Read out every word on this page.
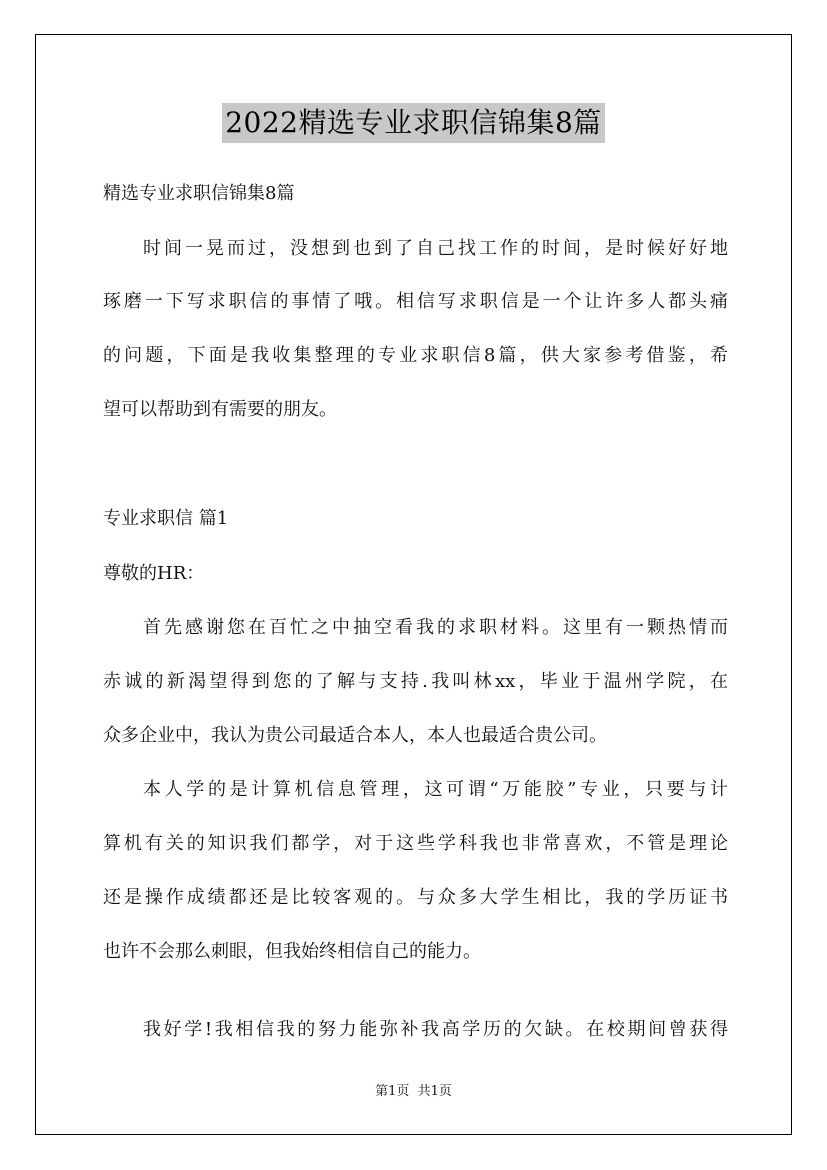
2022精选专业求职信锦集8篇
精选专业求职信锦集8篇
时间一晃而过，没想到也到了自己找工作的时间，是时候好好地
琢磨一下写求职信的事情了哦。相信写求职信是一个让许多人都头痛
的问题，下面是我收集整理的专业求职信8篇，供大家参考借鉴，希
望可以帮助到有需要的朋友。
专业求职信 篇1
尊敬的HR：
首先感谢您在百忙之中抽空看我的求职材料。这里有一颗热情而
赤诚的新渴望得到您的了解与支持.我叫林xx，毕业于温州学院，在
众多企业中，我认为贵公司最适合本人，本人也最适合贵公司。
本人学的是计算机信息管理，这可谓“万能胶”专业，只要与计
算机有关的知识我们都学，对于这些学科我也非常喜欢，不管是理论
还是操作成绩都还是比较客观的。与众多大学生相比，我的学历证书
也许不会那么刺眼，但我始终相信自己的能力。
我好学!我相信我的努力能弥补我高学历的欠缺。在校期间曾获得
第1页 共1页
